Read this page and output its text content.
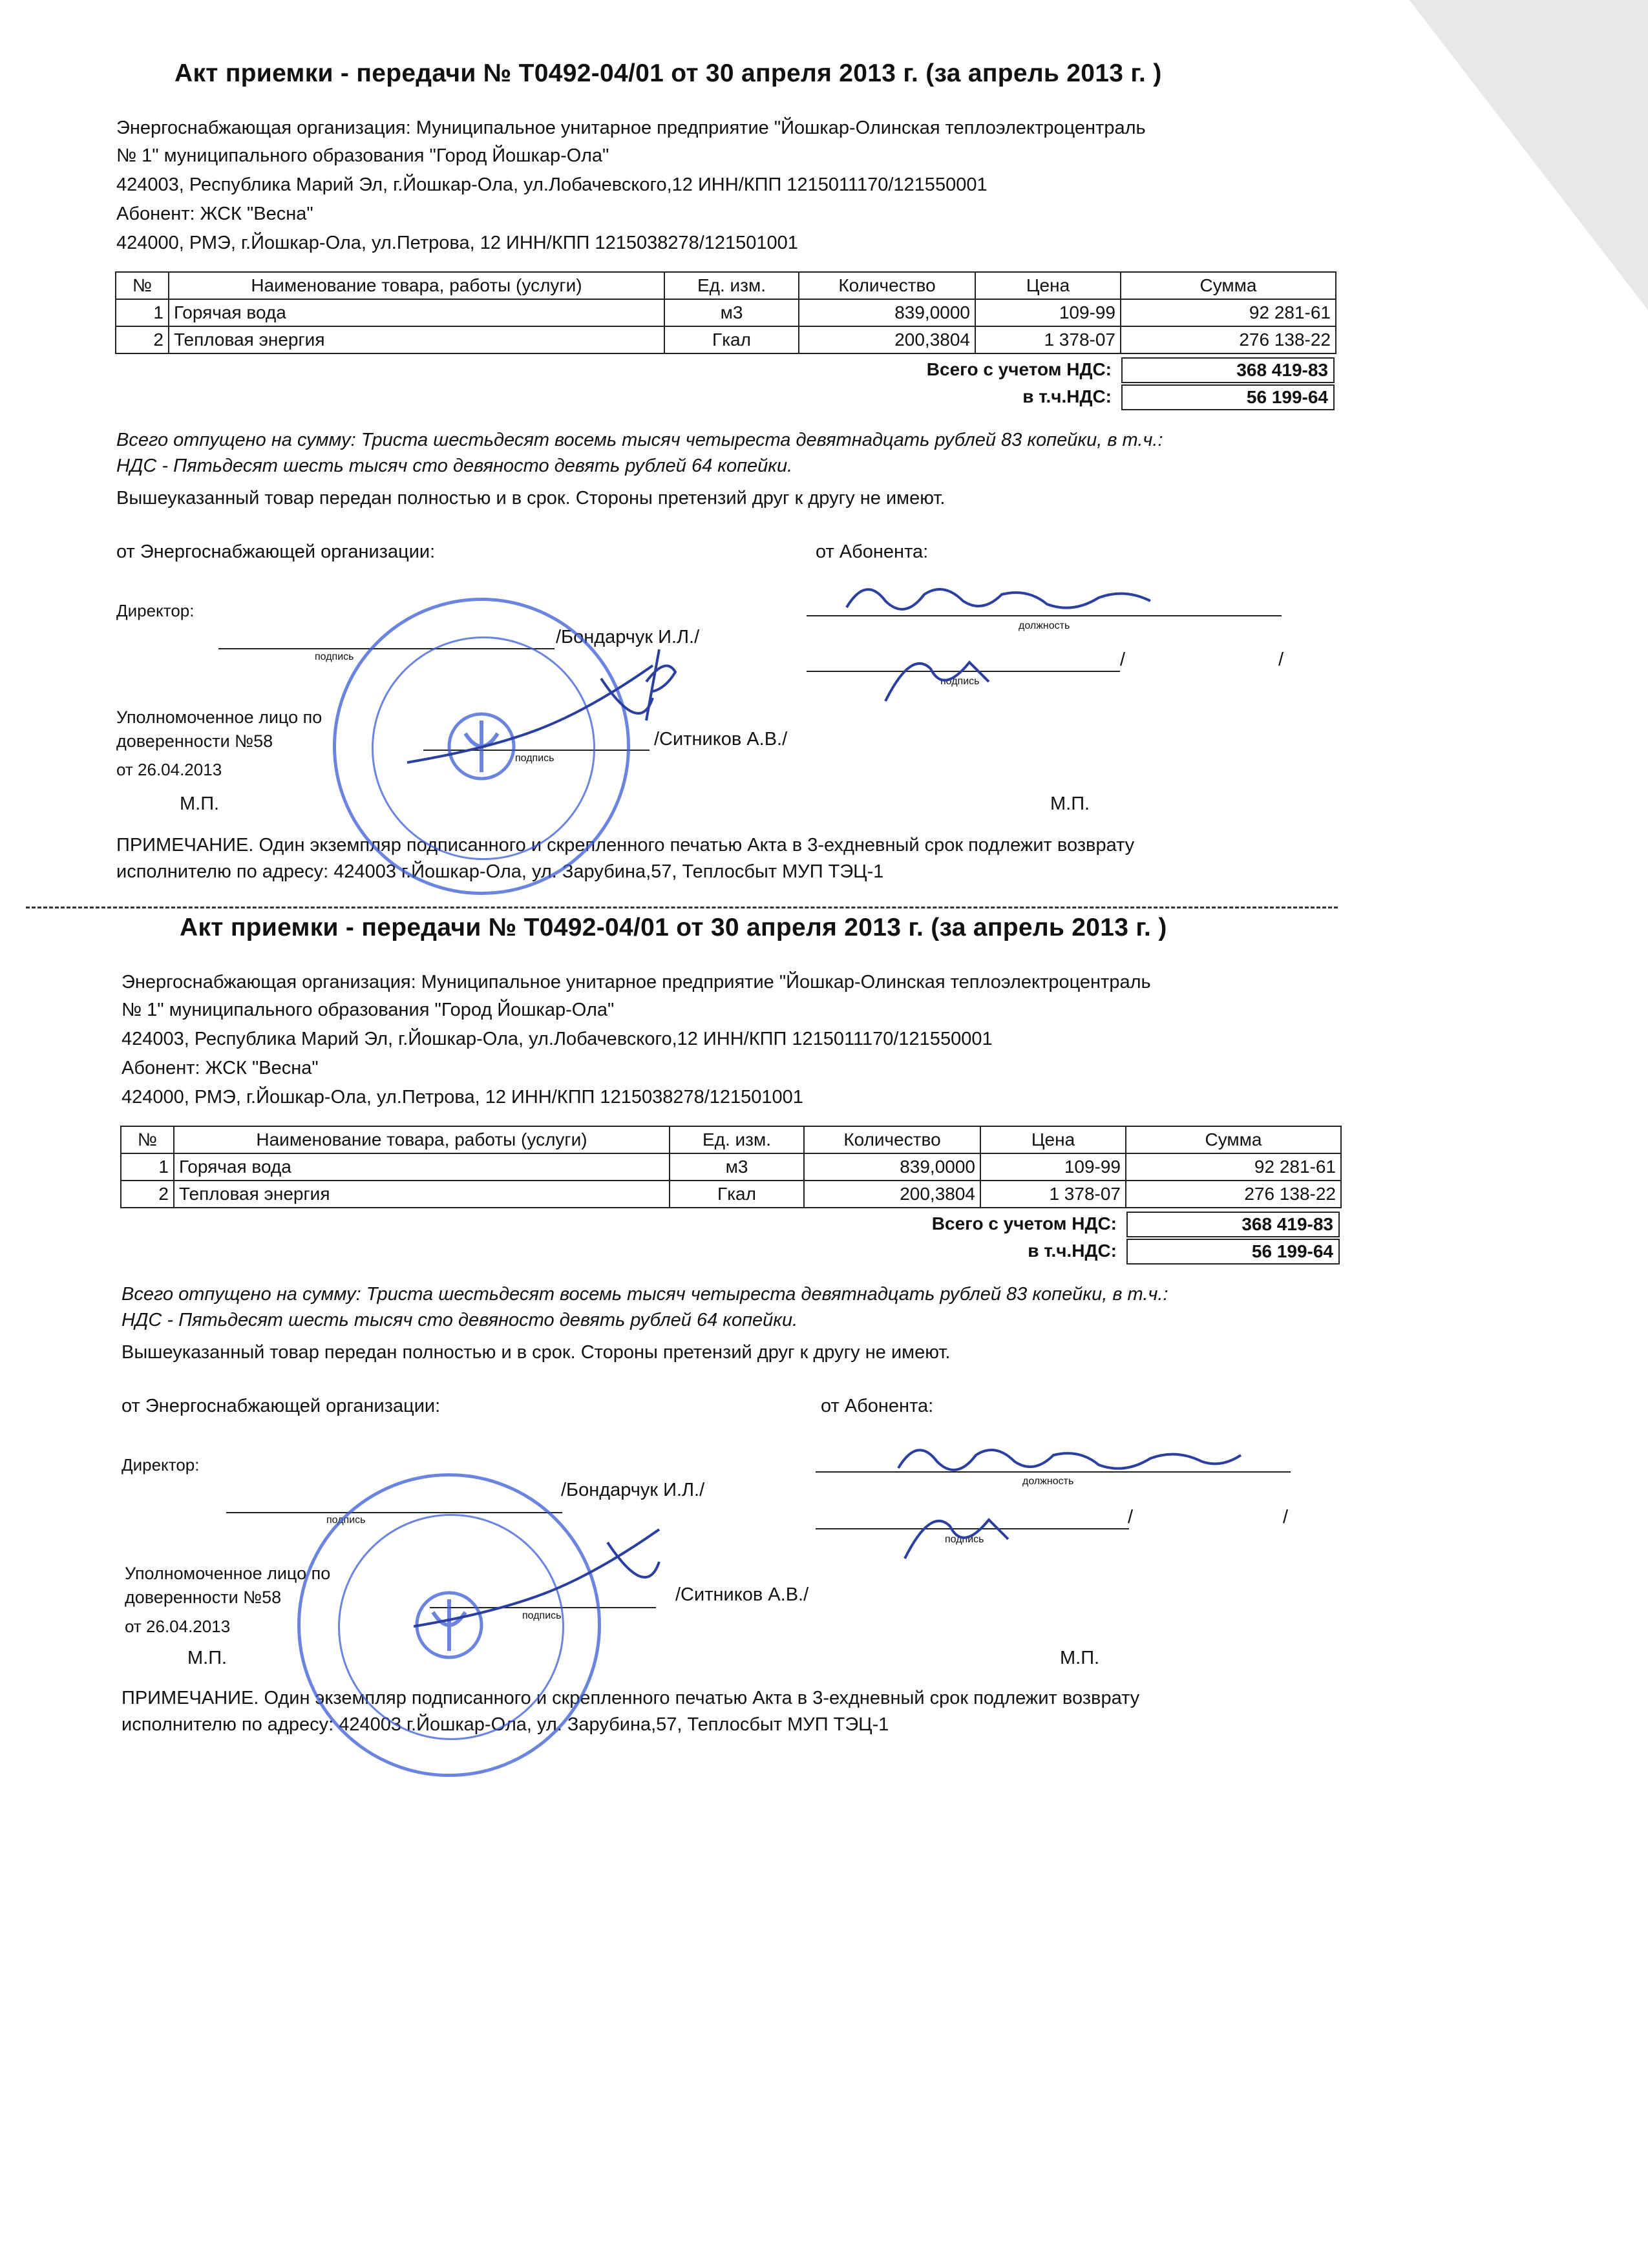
Акт приемки - передачи № Т0492-04/01 от 30 апреля 2013 г. (за апрель 2013 г. )
Энергоснабжающая организация: Муниципальное унитарное предприятие "Йошкар-Олинская теплоэлектроцентраль
№ 1" муниципального образования "Город Йошкар-Ола"
424003, Республика Марий Эл, г.Йошкар-Ола, ул.Лобачевского,12 ИНН/КПП 1215011170/121550001
Абонент: ЖСК "Весна"
424000, РМЭ, г.Йошкар-Ола, ул.Петрова, 12 ИНН/КПП 1215038278/121501001
№	Наименование товара, работы (услуги)	Ед. изм.	Количество	Цена	Сумма
1	Горячая вода	м3	839,0000	109-99	92 281-61
2	Тепловая энергия	Гкал	200,3804	1 378-07	276 138-22
Всего с учетом НДС:	368 419-83
в т.ч.НДС:	56 199-64
Всего отпущено на сумму: Триста шестьдесят восемь тысяч четыреста девятнадцать рублей 83 копейки, в т.ч.:
НДС - Пятьдесят шесть тысяч сто девяносто девять рублей 64 копейки.
Вышеуказанный товар передан полностью и в срок. Стороны претензий друг к другу не имеют.
от Энергоснабжающей организации:	от Абонента:
Директор:
подпись
/Бондарчук И.Л./
должность
/	/
подпись
Уполномоченное лицо по
доверенности №58
от 26.04.2013
подпись
/Ситников А.В./
М.П.	М.П.
ПРИМЕЧАНИЕ. Один экземпляр подписанного и скрепленного печатью Акта в 3-ехдневный срок подлежит возврату
исполнителю по адресу: 424003 г.Йошкар-Ола, ул. Зарубина,57, Теплосбыт МУП ТЭЦ-1
Акт приемки - передачи № Т0492-04/01 от 30 апреля 2013 г. (за апрель 2013 г. )
Энергоснабжающая организация: Муниципальное унитарное предприятие "Йошкар-Олинская теплоэлектроцентраль
№ 1" муниципального образования "Город Йошкар-Ола"
424003, Республика Марий Эл, г.Йошкар-Ола, ул.Лобачевского,12 ИНН/КПП 1215011170/121550001
Абонент: ЖСК "Весна"
424000, РМЭ, г.Йошкар-Ола, ул.Петрова, 12 ИНН/КПП 1215038278/121501001
№	Наименование товара, работы (услуги)	Ед. изм.	Количество	Цена	Сумма
1	Горячая вода	м3	839,0000	109-99	92 281-61
2	Тепловая энергия	Гкал	200,3804	1 378-07	276 138-22
Всего с учетом НДС:	368 419-83
в т.ч.НДС:	56 199-64
Всего отпущено на сумму: Триста шестьдесят восемь тысяч четыреста девятнадцать рублей 83 копейки, в т.ч.:
НДС - Пятьдесят шесть тысяч сто девяносто девять рублей 64 копейки.
Вышеуказанный товар передан полностью и в срок. Стороны претензий друг к другу не имеют.
от Энергоснабжающей организации:	от Абонента:
Директор:
подпись
/Бондарчук И.Л./	должность
/	/
подпись
Уполномоченное лицо по
доверенности №58
от 26.04.2013
подпись
/Ситников А.В./
М.П.	М.П.
ПРИМЕЧАНИЕ. Один экземпляр подписанного и скрепленного печатью Акта в 3-ехдневный срок подлежит возврату
исполнителю по адресу: 424003 г.Йошкар-Ола, ул. Зарубина,57, Теплосбыт МУП ТЭЦ-1
